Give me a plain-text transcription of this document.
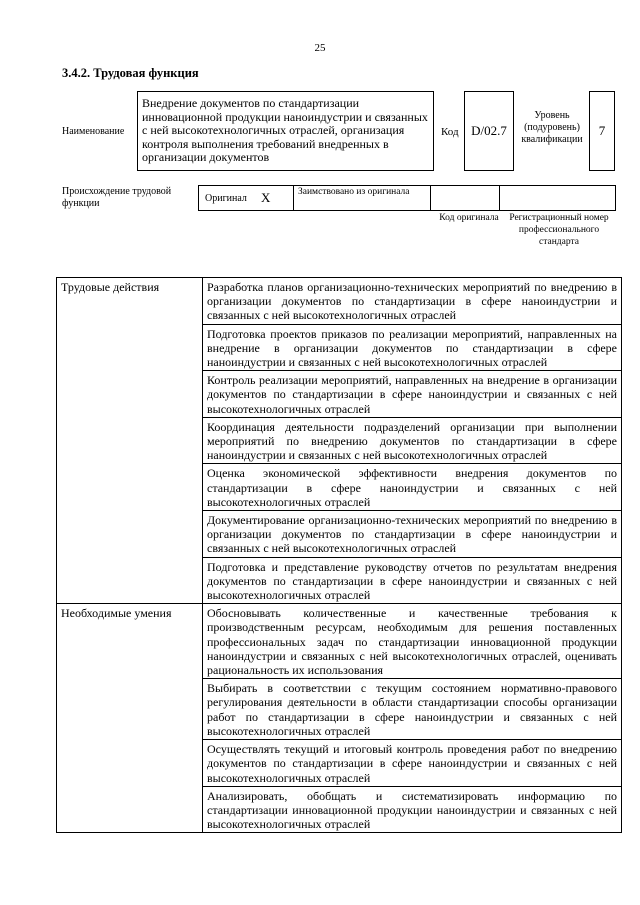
25
3.4.2. Трудовая функция
Наименование
Внедрение документов по стандартизации инновационной продукции наноиндустрии и связанных с ней высокотехнологичных отраслей, организация контроля выполнения требований внедренных в организации документов
Код D/02.7
Уровень (подуровень) квалификации
7
Происхождение трудовой функции	Оригинал X	Заимствовано из оригинала
Код оригинала	Регистрационный номер профессионального стандарта
Трудовые действия	Разработка планов организационно-технических мероприятий по внедрению в организации документов по стандартизации в сфере наноиндустрии и связанных с ней высокотехнологичных отраслей
	Подготовка проектов приказов по реализации мероприятий, направленных на внедрение в организации документов по стандартизации в сфере наноиндустрии и связанных с ней высокотехнологичных отраслей
	Контроль реализации мероприятий, направленных на внедрение в организации документов по стандартизации в сфере наноиндустрии и связанных с ней высокотехнологичных отраслей
	Координация деятельности подразделений организации при выполнении мероприятий по внедрению документов по стандартизации в сфере наноиндустрии и связанных с ней высокотехнологичных отраслей
	Оценка экономической эффективности внедрения документов по стандартизации в сфере наноиндустрии и связанных с ней высокотехнологичных отраслей
	Документирование организационно-технических мероприятий по внедрению в организации документов по стандартизации в сфере наноиндустрии и связанных с ней высокотехнологичных отраслей
	Подготовка и представление руководству отчетов по результатам внедрения документов по стандартизации в сфере наноиндустрии и связанных с ней высокотехнологичных отраслей
Необходимые умения	Обосновывать количественные и качественные требования к производственным ресурсам, необходимым для решения поставленных профессиональных задач по стандартизации инновационной продукции наноиндустрии и связанных с ней высокотехнологичных отраслей, оценивать рациональность их использования
	Выбирать в соответствии с текущим состоянием нормативно-правового регулирования деятельности в области стандартизации способы организации работ по стандартизации в сфере наноиндустрии и связанных с ней высокотехнологичных отраслей
	Осуществлять текущий и итоговый контроль проведения работ по внедрению документов по стандартизации в сфере наноиндустрии и связанных с ней высокотехнологичных отраслей
	Анализировать, обобщать и систематизировать информацию по стандартизации инновационной продукции наноиндустрии и связанных с ней высокотехнологичных отраслей
